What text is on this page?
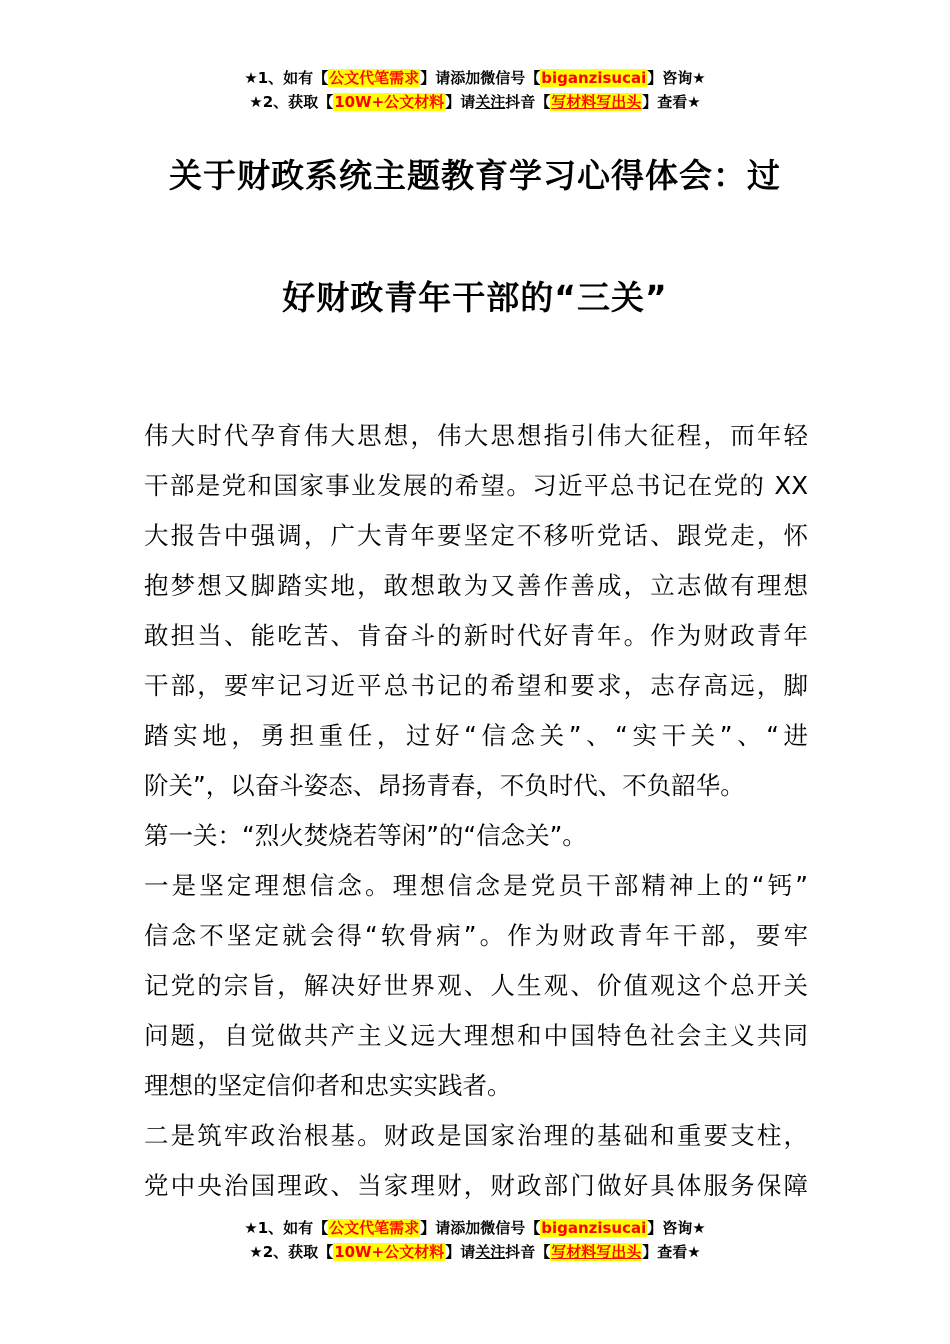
★1、如有【公文代笔需求】请添加微信号【biganzisucai】咨询★
★2、获取【10W+公文材料】请关注抖音【写材料写出头】查看★
关于财政系统主题教育学习心得体会：过
好财政青年干部的“三关”
伟大时代孕育伟大思想，伟大思想指引伟大征程，而年轻
干部是党和国家事业发展的希望。习近平总书记在党的 XX
大报告中强调，广大青年要坚定不移听党话、跟党走，怀
抱梦想又脚踏实地，敢想敢为又善作善成，立志做有理想
敢担当、能吃苦、肯奋斗的新时代好青年。作为财政青年
干部，要牢记习近平总书记的希望和要求，志存高远，脚
踏实地，勇担重任，过好“信念关”、“实干关”、“进
阶关”，以奋斗姿态、昂扬青春，不负时代、不负韶华。
第一关：“烈火焚烧若等闲”的“信念关”。
一是坚定理想信念。理想信念是党员干部精神上的“钙”
信念不坚定就会得“软骨病”。作为财政青年干部，要牢
记党的宗旨，解决好世界观、人生观、价值观这个总开关
问题，自觉做共产主义远大理想和中国特色社会主义共同
理想的坚定信仰者和忠实实践者。
二是筑牢政治根基。财政是国家治理的基础和重要支柱，
党中央治国理政、当家理财，财政部门做好具体服务保障
★1、如有【公文代笔需求】请添加微信号【biganzisucai】咨询★
★2、获取【10W+公文材料】请关注抖音【写材料写出头】查看★
